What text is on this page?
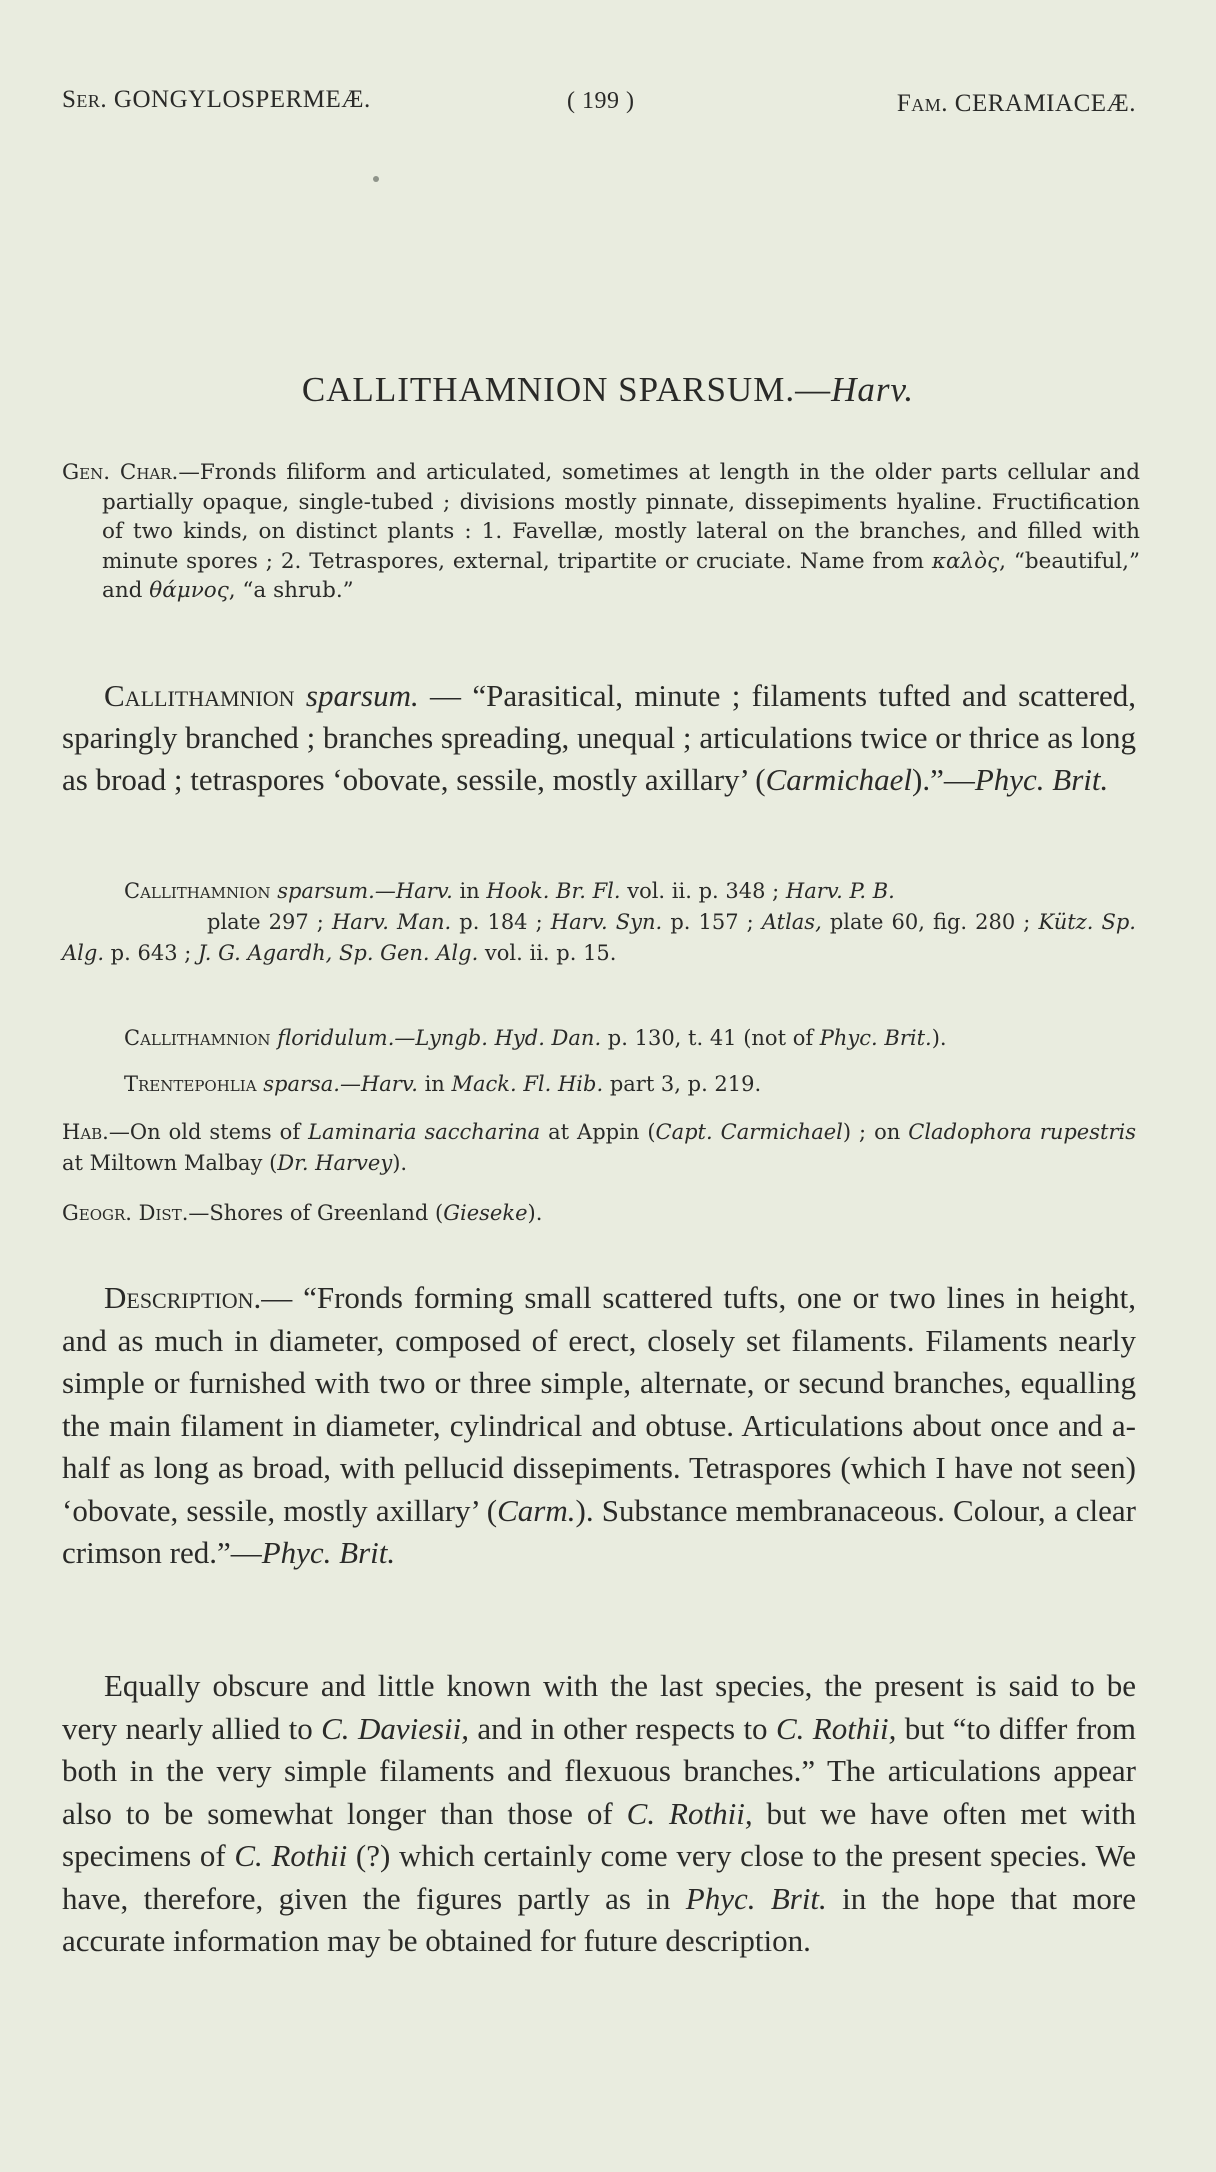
Ser. GONGYLOSPERMEÆ.	( 199 )	Fam. CERAMIACEÆ.
CALLITHAMNION SPARSUM.—Harv.
Gen. Char.—Fronds filiform and articulated, sometimes at length in the older parts cellular and partially opaque, single-tubed ; divisions mostly pinnate, dissepiments hyaline. Fructification of two kinds, on distinct plants : 1. Favellæ, mostly lateral on the branches, and filled with minute spores ; 2. Tetraspores, external, tripartite or cruciate. Name from καλὸς, “beautiful,” and θάμνος, “a shrub.”
Callithamnion sparsum. — “Parasitical, minute ; filaments tufted and scattered, sparingly branched ; branches spreading, unequal ; articulations twice or thrice as long as broad ; tetraspores ‘obovate, sessile, mostly axillary’ (Carmichael).”—Phyc. Brit.
Callithamnion sparsum.—Harv. in Hook. Br. Fl. vol. ii. p. 348 ; Harv. P. B.
plate 297 ; Harv. Man. p. 184 ; Harv. Syn. p. 157 ; Atlas, plate 60, fig. 280 ; Kütz. Sp. Alg. p. 643 ; J. G. Agardh, Sp. Gen. Alg. vol. ii. p. 15.
Callithamnion floridulum.—Lyngb. Hyd. Dan. p. 130, t. 41 (not of Phyc. Brit.).
Trentepohlia sparsa.—Harv. in Mack. Fl. Hib. part 3, p. 219.
Hab.—On old stems of Laminaria saccharina at Appin (Capt. Carmichael) ; on Cladophora rupestris at Miltown Malbay (Dr. Harvey).
Geogr. Dist.—Shores of Greenland (Gieseke).
Description.— “Fronds forming small scattered tufts, one or two lines in height, and as much in diameter, composed of erect, closely set filaments. Filaments nearly simple or furnished with two or three simple, alternate, or secund branches, equalling the main filament in diameter, cylindrical and obtuse. Articulations about once and a-half as long as broad, with pellucid dissepiments. Tetraspores (which I have not seen) ‘obovate, sessile, mostly axillary’ (Carm.). Substance membranaceous. Colour, a clear crimson red.”—Phyc. Brit.
Equally obscure and little known with the last species, the present is said to be very nearly allied to C. Daviesii, and in other respects to C. Rothii, but “to differ from both in the very simple filaments and flexuous branches.” The articulations appear also to be somewhat longer than those of C. Rothii, but we have often met with specimens of C. Rothii (?) which certainly come very close to the present species. We have, therefore, given the figures partly as in Phyc. Brit. in the hope that more accurate information may be obtained for future description.
